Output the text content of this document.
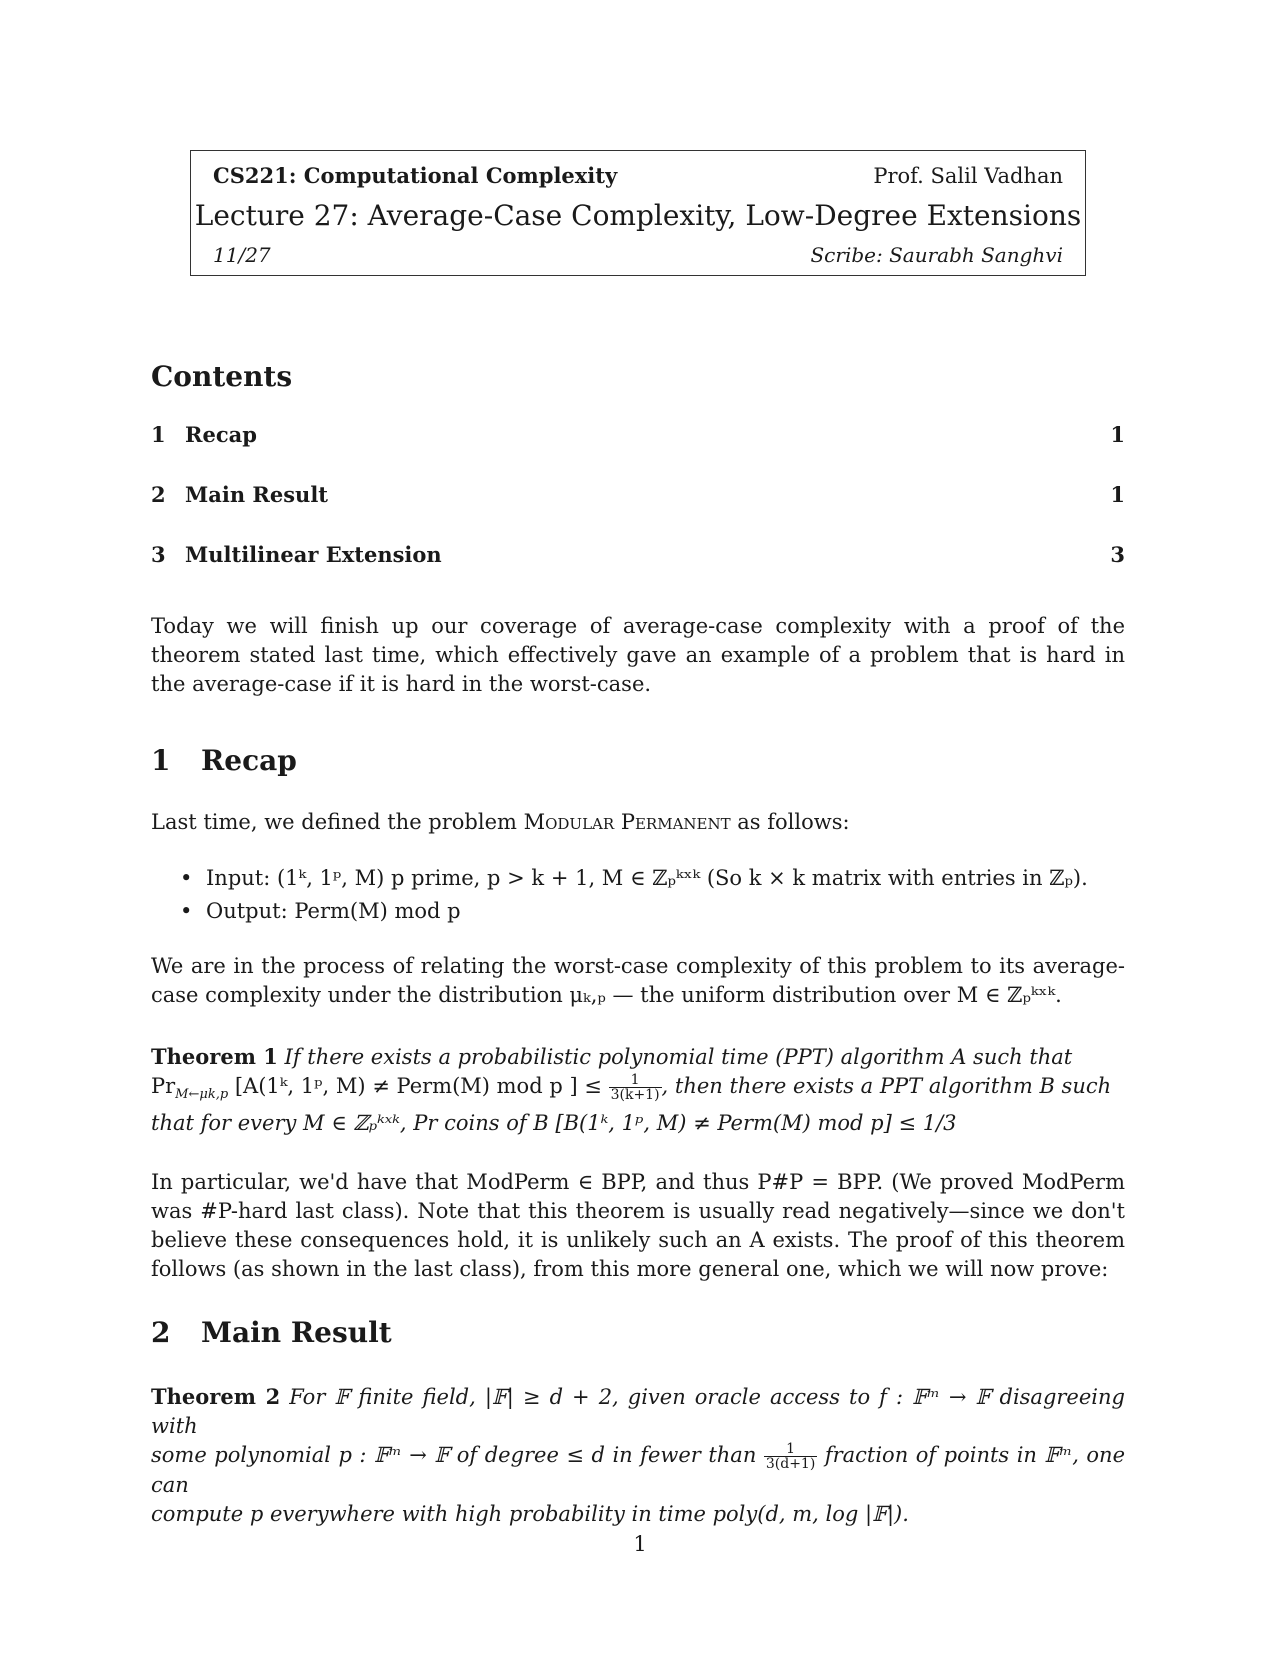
CS221: Computational Complexity	Prof. Salil Vadhan
Lecture 27: Average-Case Complexity, Low-Degree Extensions
11/27	Scribe: Saurabh Sanghvi
Contents
1 Recap	1
2 Main Result	1
3 Multilinear Extension	3
Today we will finish up our coverage of average-case complexity with a proof of the theorem stated last time, which effectively gave an example of a problem that is hard in the average-case if it is hard in the worst-case.
1	Recap
Last time, we defined the problem Modular Permanent as follows:
• Input: (1ᵏ, 1ᵖ, M) p prime, p > k + 1, M ∈ ℤₚᵏˣᵏ (So k × k matrix with entries in ℤₚ).
• Output: Perm(M) mod p
We are in the process of relating the worst-case complexity of this problem to its average-case complexity under the distribution μₖ,ₚ — the uniform distribution over M ∈ ℤₚᵏˣᵏ.
Theorem 1 If there exists a probabilistic polynomial time (PPT) algorithm A such that
$Pr_{M\leftarrow\mu k,p}$ [A(1ᵏ, 1ᵖ, M) ≠ Perm(M) mod p ] ≤ $\frac{1}{3(k+1)}$ , then there exists a PPT algorithm B such
that for every M ∈ ℤₚᵏˣᵏ, Pr coins of B [B(1ᵏ, 1ᵖ, M) ≠ Perm(M) mod p] ≤ 1/3
In particular, we'd have that ModPerm ∈ BPP, and thus P#P = BPP. (We proved ModPerm was #P-hard last class). Note that this theorem is usually read negatively—since we don't believe these consequences hold, it is unlikely such an A exists. The proof of this theorem follows (as shown in the last class), from this more general one, which we will now prove:
2	Main Result
Theorem 2 For 𝔽 finite field, |𝔽| ≥ d + 2, given oracle access to f : 𝔽ᵐ → 𝔽 disagreeing with
some polynomial p : 𝔽ᵐ → 𝔽 of degree ≤ d in fewer than $\frac{1}{3(d+1)}$ fraction of points in 𝔽ᵐ, one can
compute p everywhere with high probability in time poly(d, m, log |𝔽|).
1
